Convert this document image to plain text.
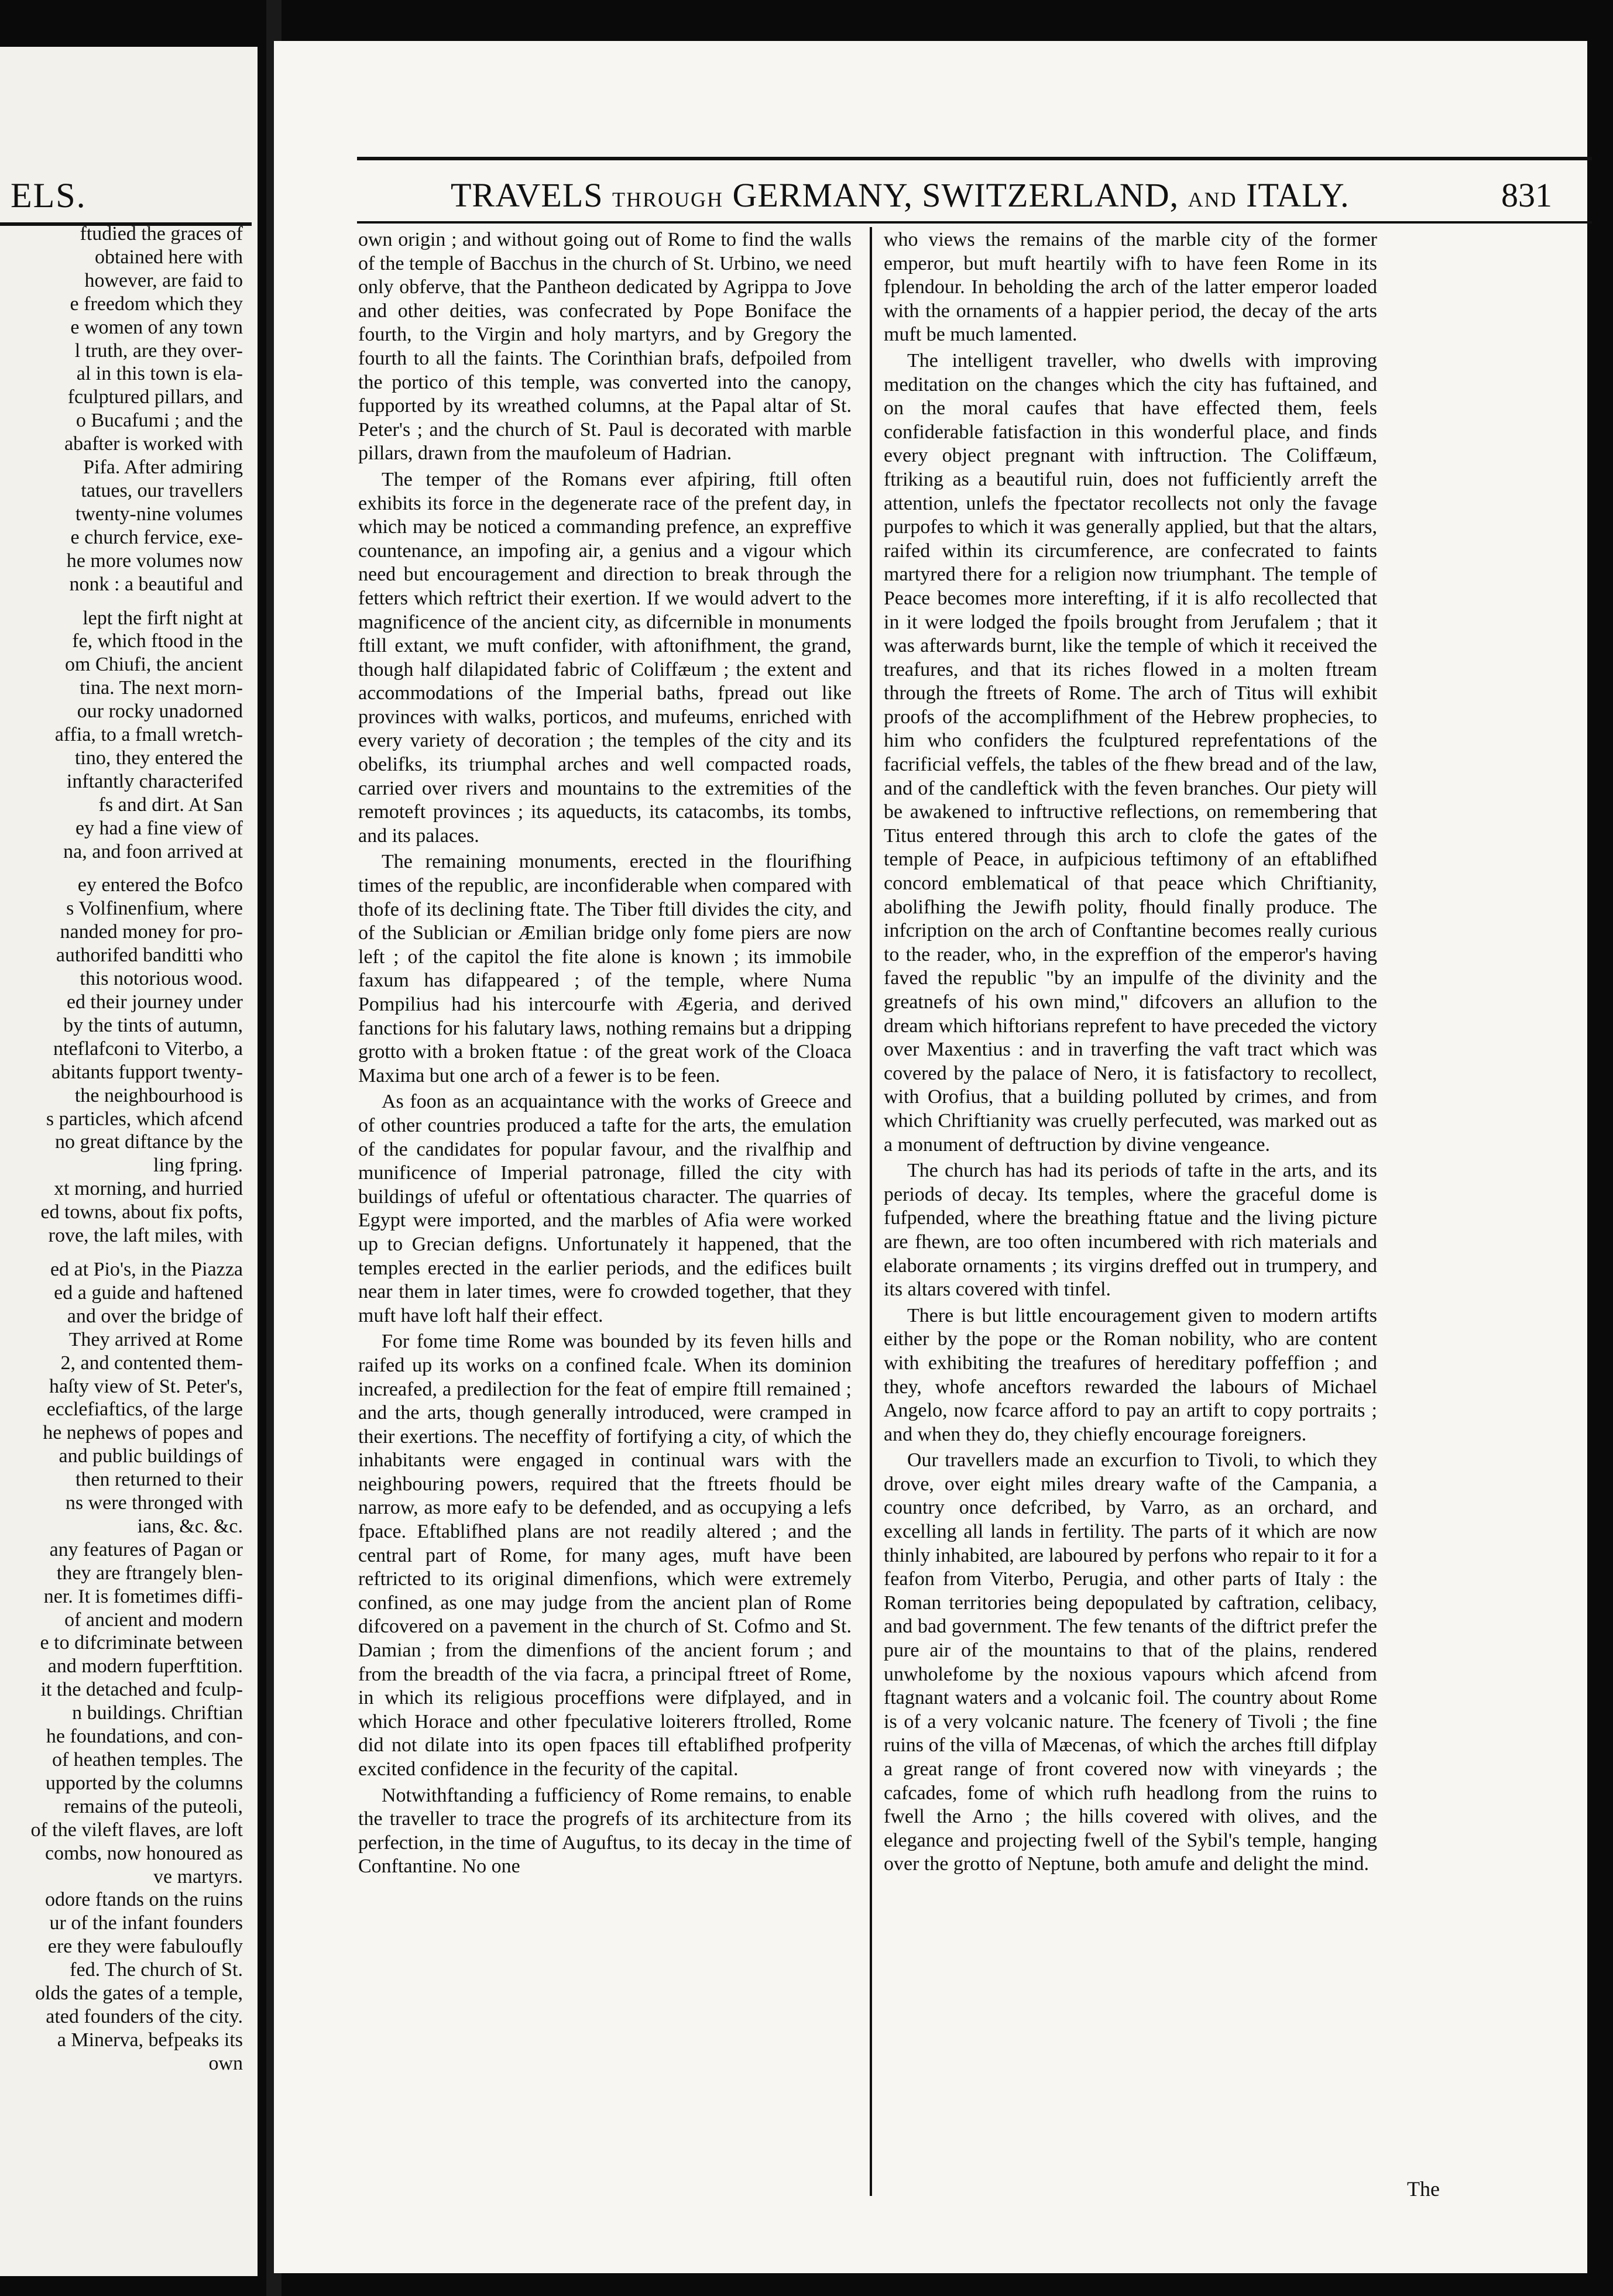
ELS.

ftudied the graces of
obtained here with
however, are faid to
e freedom which they
e women of any town
l truth, are they over-
al in this town is ela-
fculptured pillars, and
o Bucafumi ; and the
abafter is worked with
Pifa. After admiring
tatues, our travellers
twenty-nine volumes
e church fervice, exe-
he more volumes now
nonk : a beautiful and

lept the firft night at
fe, which ftood in the
om Chiufi, the ancient
tina. The next morn-
our rocky unadorned
affia, to a fmall wretch-
tino, they entered the
inftantly characterifed
fs and dirt. At San
ey had a fine view of
na, and foon arrived at

ey entered the Bofco
s Volfinenfium, where
nanded money for pro-
authorifed banditti who
this notorious wood.
ed their journey under
by the tints of autumn,
nteflafconi to Viterbo, a
abitants fupport twenty-
the neighbourhood is
s particles, which afcend
no great diftance by the
ling fpring.
xt morning, and hurried
ed towns, about fix pofts,
rove, the laft miles, with

ed at Pio's, in the Piazza
ed a guide and haftened
and over the bridge of
They arrived at Rome
2, and contented them-
haſty view of St. Peter's,
ecclefiaftics, of the large
he nephews of popes and
and public buildings of
then returned to their
ns were thronged with
ians, &c. &c.
any features of Pagan or
they are ftrangely blen-
ner. It is fometimes diffi-
of ancient and modern
e to difcriminate between
and modern fuperftition.
it the detached and fculp-
n buildings. Chriftian
he foundations, and con-
of heathen temples. The
upported by the columns
remains of the puteoli,
of the vileft flaves, are loft
combs, now honoured as
ve martyrs.
odore ftands on the ruins
ur of the infant founders
ere they were fabuloufly
fed. The church of St.
olds the gates of a temple,
ated founders of the city.
a Minerva, befpeaks its
own

TRAVELS THROUGH GERMANY, SWITZERLAND, AND ITALY.	831

own origin ; and without going out of Rome to find the walls of the temple of Bacchus in the church of St. Urbino, we need only obferve, that the Pantheon dedicated by Agrippa to Jove and other deities, was confecrated by Pope Boniface the fourth, to the Virgin and holy martyrs, and by Gregory the fourth to all the faints. The Corinthian brafs, defpoiled from the portico of this temple, was converted into the canopy, fupported by its wreathed columns, at the Papal altar of St. Peter's ; and the church of St. Paul is decorated with marble pillars, drawn from the maufoleum of Hadrian.

The temper of the Romans ever afpiring, ftill often exhibits its force in the degenerate race of the prefent day, in which may be noticed a commanding prefence, an expreffive countenance, an impofing air, a genius and a vigour which need but encouragement and direction to break through the fetters which reftrict their exertion. If we would advert to the magnificence of the ancient city, as difcernible in monuments ftill extant, we muft confider, with aftonifhment, the grand, though half dilapidated fabric of Coliffæum ; the extent and accommodations of the Imperial baths, fpread out like provinces with walks, porticos, and mufeums, enriched with every variety of decoration ; the temples of the city and its obelifks, its triumphal arches and well compacted roads, carried over rivers and mountains to the extremities of the remoteft provinces ; its aqueducts, its catacombs, its tombs, and its palaces.

The remaining monuments, erected in the flourifhing times of the republic, are inconfiderable when compared with thofe of its declining ftate. The Tiber ftill divides the city, and of the Sublician or Æmilian bridge only fome piers are now left ; of the capitol the fite alone is known ; its immobile faxum has difappeared ; of the temple, where Numa Pompilius had his intercourfe with Ægeria, and derived fanctions for his falutary laws, nothing remains but a dripping grotto with a broken ftatue : of the great work of the Cloaca Maxima but one arch of a fewer is to be feen.

As foon as an acquaintance with the works of Greece and of other countries produced a tafte for the arts, the emulation of the candidates for popular favour, and the rivalfhip and munificence of Imperial patronage, filled the city with buildings of ufeful or oftentatious character. The quarries of Egypt were imported, and the marbles of Afia were worked up to Grecian defigns. Unfortunately it happened, that the temples erected in the earlier periods, and the edifices built near them in later times, were fo crowded together, that they muft have loft half their effect.

For fome time Rome was bounded by its feven hills and raifed up its works on a confined fcale. When its dominion increafed, a predilection for the feat of empire ftill remained ; and the arts, though generally introduced, were cramped in their exertions. The neceffity of fortifying a city, of which the inhabitants were engaged in continual wars with the neighbouring powers, required that the ftreets fhould be narrow, as more eafy to be defended, and as occupying a lefs fpace. Eftablifhed plans are not readily altered ; and the central part of Rome, for many ages, muft have been reftricted to its original dimenfions, which were extremely confined, as one may judge from the ancient plan of Rome difcovered on a pavement in the church of St. Cofmo and St. Damian ; from the dimenfions of the ancient forum ; and from the breadth of the via facra, a principal ftreet of Rome, in which its religious proceffions were difplayed, and in which Horace and other fpeculative loiterers ftrolled, Rome did not dilate into its open fpaces till eftablifhed profperity excited confidence in the fecurity of the capital.

Notwithftanding a fufficiency of Rome remains, to enable the traveller to trace the progrefs of its architecture from its perfection, in the time of Auguftus, to its decay in the time of Conftantine. No one

who views the remains of the marble city of the former emperor, but muft heartily wifh to have feen Rome in its fplendour. In beholding the arch of the latter emperor loaded with the ornaments of a happier period, the decay of the arts muft be much lamented.

The intelligent traveller, who dwells with improving meditation on the changes which the city has fuftained, and on the moral caufes that have effected them, feels confiderable fatisfaction in this wonderful place, and finds every object pregnant with inftruction. The Coliffæum, ftriking as a beautiful ruin, does not fufficiently arreft the attention, unlefs the fpectator recollects not only the favage purpofes to which it was generally applied, but that the altars, raifed within its circumference, are confecrated to faints martyred there for a religion now triumphant. The temple of Peace becomes more interefting, if it is alfo recollected that in it were lodged the fpoils brought from Jerufalem ; that it was afterwards burnt, like the temple of which it received the treafures, and that its riches flowed in a molten ftream through the ftreets of Rome. The arch of Titus will exhibit proofs of the accomplifhment of the Hebrew prophecies, to him who confiders the fculptured reprefentations of the facrificial veffels, the tables of the fhew bread and of the law, and of the candleftick with the feven branches. Our piety will be awakened to inftructive reflections, on remembering that Titus entered through this arch to clofe the gates of the temple of Peace, in aufpicious teftimony of an eftablifhed concord emblematical of that peace which Chriftianity, abolifhing the Jewifh polity, fhould finally produce. The infcription on the arch of Conftantine becomes really curious to the reader, who, in the expreffion of the emperor's having faved the republic "by an impulfe of the divinity and the greatnefs of his own mind," difcovers an allufion to the dream which hiftorians reprefent to have preceded the victory over Maxentius : and in traverfing the vaft tract which was covered by the palace of Nero, it is fatisfactory to recollect, with Orofius, that a building polluted by crimes, and from which Chriftianity was cruelly perfecuted, was marked out as a monument of deftruction by divine vengeance.

The church has had its periods of tafte in the arts, and its periods of decay. Its temples, where the graceful dome is fufpended, where the breathing ftatue and the living picture are fhewn, are too often incumbered with rich materials and elaborate ornaments ; its virgins dreffed out in trumpery, and its altars covered with tinfel.

There is but little encouragement given to modern artifts either by the pope or the Roman nobility, who are content with exhibiting the treafures of hereditary poffeffion ; and they, whofe anceftors rewarded the labours of Michael Angelo, now fcarce afford to pay an artift to copy portraits ; and when they do, they chiefly encourage foreigners.

Our travellers made an excurfion to Tivoli, to which they drove, over eight miles dreary wafte of the Campania, a country once defcribed, by Varro, as an orchard, and excelling all lands in fertility. The parts of it which are now thinly inhabited, are laboured by perfons who repair to it for a feafon from Viterbo, Perugia, and other parts of Italy : the Roman territories being depopulated by caftration, celibacy, and bad government. The few tenants of the diftrict prefer the pure air of the mountains to that of the plains, rendered unwholefome by the noxious vapours which afcend from ftagnant waters and a volcanic foil. The country about Rome is of a very volcanic nature. The fcenery of Tivoli ; the fine ruins of the villa of Mæcenas, of which the arches ftill difplay a great range of front covered now with vineyards ; the cafcades, fome of which rufh headlong from the ruins to fwell the Arno ; the hills covered with olives, and the elegance and projecting fwell of the Sybil's temple, hanging over the grotto of Neptune, both amufe and delight the mind.

The
